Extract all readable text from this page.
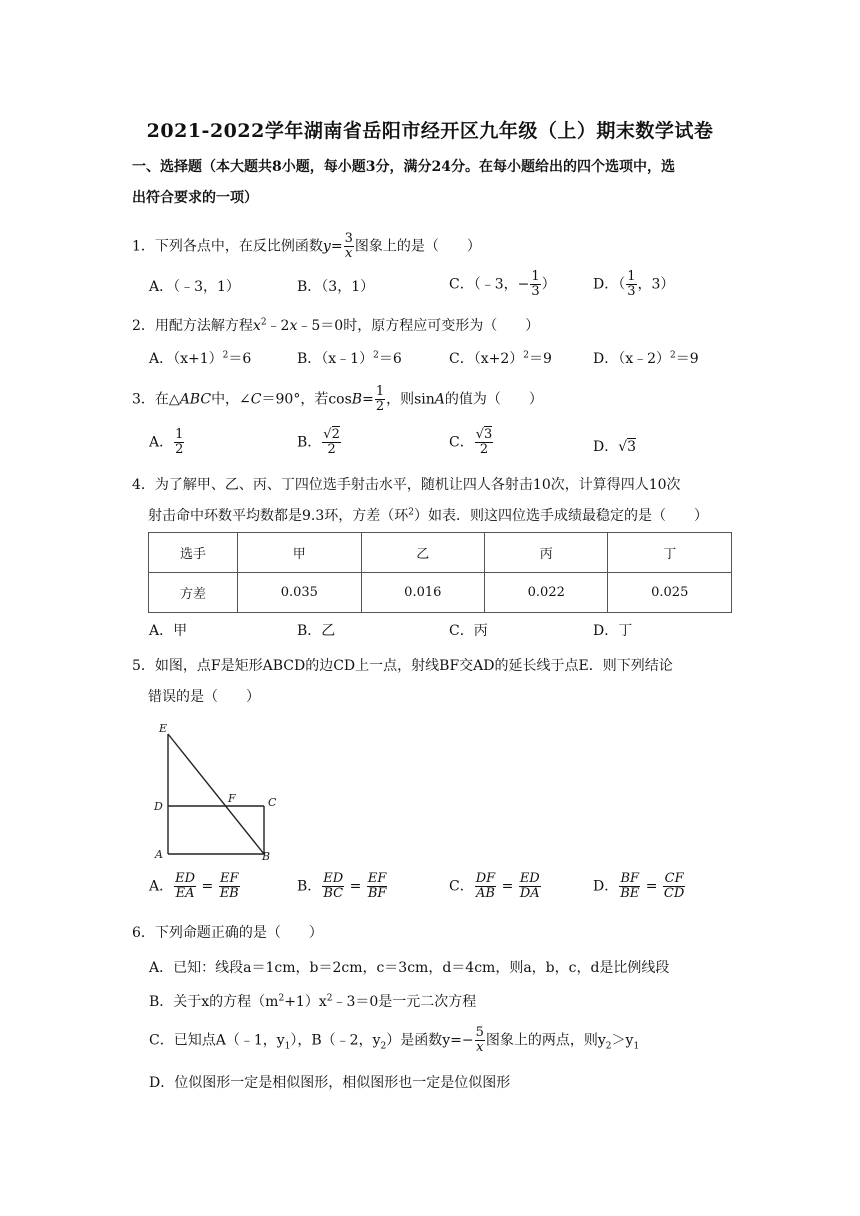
2021-2022学年湖南省岳阳市经开区九年级（上）期末数学试卷
一、选择题（本大题共8小题，每小题3分，满分24分。在每小题给出的四个选项中，选
出符合要求的一项）
1．下列各点中，在反比例函数$y= \frac{3}{x}$ 图象上的是（　　）
A．（﹣3，1）	B．（3，1）	C．（﹣3，− $\frac{1}{3}$ ）	D．（ $\frac{1}{3}$ ，3）
2．用配方法解方程$x^2﹣2x﹣5=0$时，原方程应可变形为（　　）
A．$(x+1)^2=6$	B．（x﹣1）$^2$＝6	C．$(x+2)^2=9$	D．（x﹣2）$^2$＝9
3．在△ABC中，∠C＝90°，若$\cos B= \frac{1}{2}$ ，则sinA的值为（　　）
A． $\frac{1}{2}$	B． $\frac{√2}{2}$	C． $\frac{√3}{2}$	D．√3
4．为了解甲、乙、丙、丁四位选手射击水平，随机让四人各射击10次，计算得四人10次
射击命中环数平均数都是9.3环，方差（环$^2$）如表．则这四位选手成绩最稳定的是（　　）
选手	甲	乙	丙	丁
方差	0.035	0.016	0.022	0.025
A．甲	B．乙	C．丙	D．丁
5．如图，点F是矩形ABCD的边CD上一点，射线BF交AD的延长线于点E．则下列结论
错误的是（　　）
E
D
F	C
A	B
A． $\frac{ED}{EA} = \frac{EF}{EB}$	B． $\frac{ED}{BC} = \frac{EF}{BF}$	C． $\frac{DF}{AB} = \frac{ED}{DA}$	D． $\frac{BF}{BE} = \frac{CF}{CD}$
6．下列命题正确的是（　　）
A．已知：线段a＝1cm，b＝2cm，c＝3cm，d＝4cm，则a，b，c，d是比例线段
B．关于x的方程$(m^2+1)x^2﹣3=0$是一元二次方程
C．已知点A（﹣1，$y_1$），B（﹣2，$y_2$）是函数$y=- \frac{5}{x}$ 图象上的两点，则$y_2>y_1$
D．位似图形一定是相似图形，相似图形也一定是位似图形
